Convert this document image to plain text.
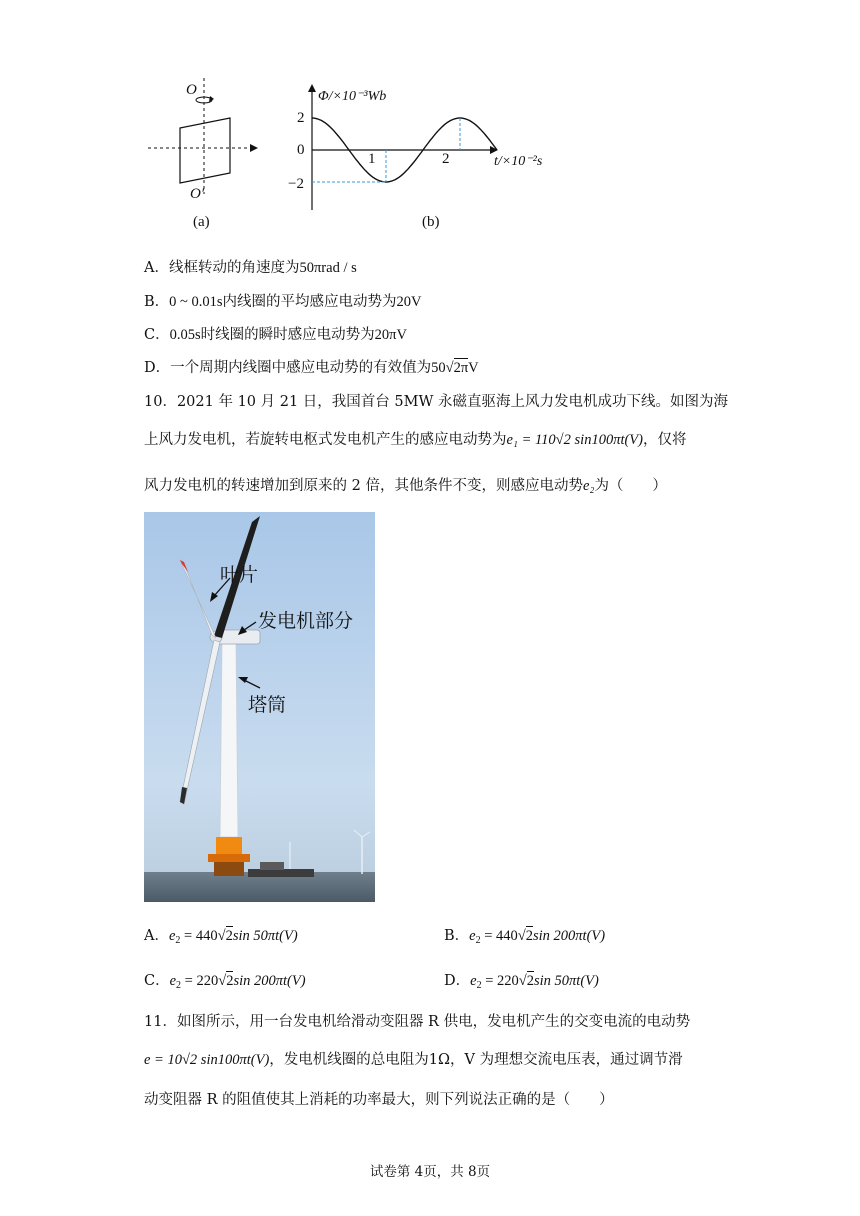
O
O′
(a)
Φ/×10⁻³Wb
t/×10⁻²s
2
0
−2
1	2
(b)
A．线框转动的角速度为50πrad / s
B．0 ~ 0.01s内线圈的平均感应电动势为20V
C．0.05s时线圈的瞬时感应电动势为20πV
D．一个周期内线圈中感应电动势的有效值为50√2πV
10．2021 年 10 月 21 日，我国首台 5MW 永磁直驱海上风力发电机成功下线。如图为海
上风力发电机，若旋转电枢式发电机产生的感应电动势为e₁ = 110√2 sin100πt(V)，仅将
风力发电机的转速增加到原来的 2 倍，其他条件不变，则感应电动势e₂为（　　）
叶片
发电机部分
塔筒
A．$e_2 = 440√2\sin$ 50πt(V)	B．$e_2 = 440√2\sin$ 200πt(V)
C．$e_2 = 220√2\sin$ 200πt(V)	D．$e_2 = 220√2\sin$ 50πt(V)
11．如图所示，用一台发电机给滑动变阻器 R 供电，发电机产生的交变电流的电动势
e = 10√2 sin100πt(V)，发电机线圈的总电阻为1Ω，V 为理想交流电压表，通过调节滑
动变阻器 R 的阻值使其上消耗的功率最大，则下列说法正确的是（　　）
试卷第 4页，共 8页
